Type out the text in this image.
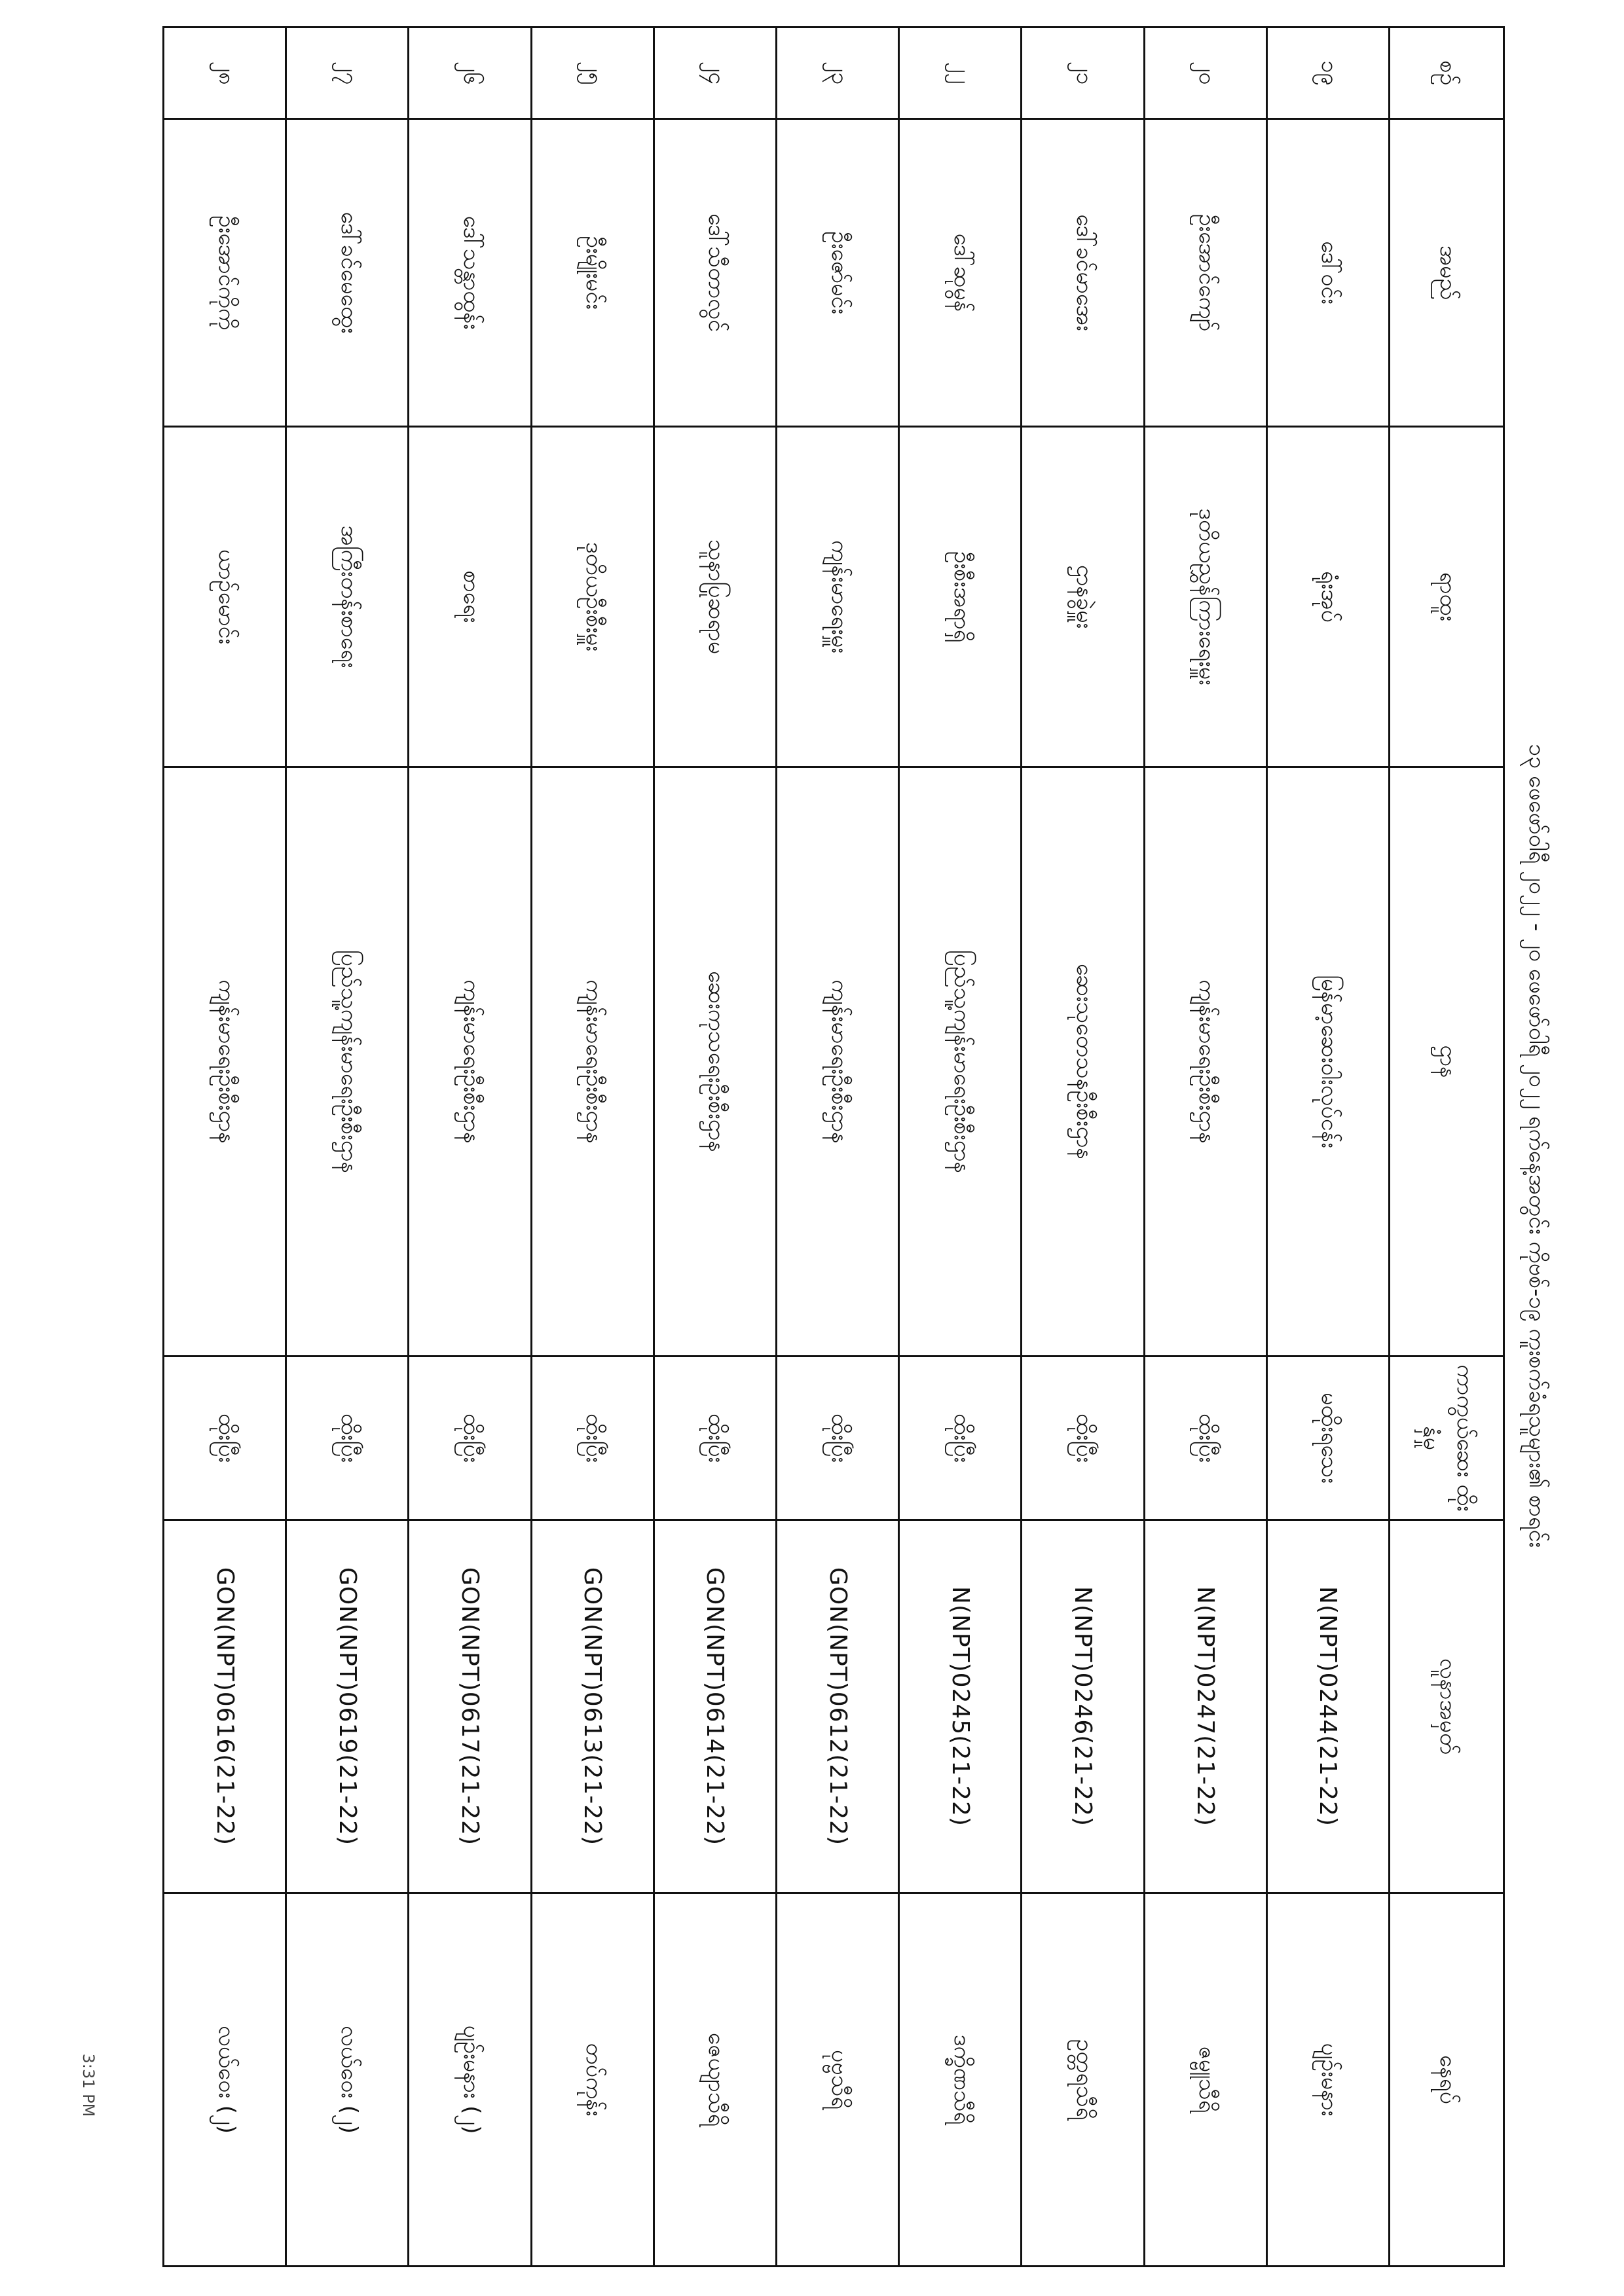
3:31 PM
၁၃ ဖေဖော်ဝါရီ ၂၀၂၂ - ၂၀ ဖေဖော်ဝါရီ ၂၀၂၂ ရက်နေ့အတွင်း ကိုဗစ်-၁၉ ကူးစက်ခံရသူများ၏ စာရင်း
စဉ်	အမည်	ရာထူး	ဌာန	ကာကွယ်ဆေး ထိုးနှံမှု	လူနာအမှတ်	နေရပ်
၁၉	ဒေါ်ဝင်း	ရုံးအုပ်	မြန်မာ့ဆေးဝါးလုပ်ငန်း	မထိုးရသေး	N(NPT)0244(21-22)	ပျဉ်းမနား
၂၀	ဦးအောင်ကျော်	ဒုတိယညွှန်ကြားရေးမှူး	ကျန်းမာရေးဦးစီးဌာန	ထိုးပြီး	N(NPT)0247(21-22)	ဇမ္ဗူသီရိ
၂၁	ဒေါ်ခင်မာအေး	ဌာနခွဲမှူး	ဆေးသုတေသနဦးစီးဌာန	ထိုးပြီး	N(NPT)0246(21-22)	ဥတ္တရသီရိ
၂၂	ဒေါ်ဆုမွန်	ဦးစီးအရာရှိ	ပြည်သူ့ကျန်းမာရေးဦးစီးဌာန	ထိုးပြီး	N(NPT)0245(21-22)	ဒက္ခိဏသီရိ
၂၃	ဦးဇော်မင်း	ကျန်းမာရေးမှူး	ကျန်းမာရေးဦးစီးဌာန	ထိုးပြီး	GON(NPT)0612(21-22)	ပုဗ္ဗသီရိ
၂၄	ဒေါ်သီတာလွင်	သူနာပြုဆရာမ	ဆေးကုသရေးဦးစီးဌာန	ထိုးပြီး	GON(NPT)0614(21-22)	ဇေယျာသီရိ
၂၅	ဦးမျိုးမင်း	ဒုတိယဦးစီးမှူး	ကျန်းမာရေးဦးစီးဌာန	ထိုးပြီး	GON(NPT)0613(21-22)	တပ်ကုန်း
၂၆	ဒေါ်သန္တာထွန်း	စာရေး	ကျန်းမာရေးဦးစီးဌာန	ထိုးပြီး	GON(NPT)0617(21-22)	ပျဉ်းမနား (၂)
၂၇	ဒေါ်ခင်မေထွေး	အကြီးတန်းစာရေး	ပြည်သူ့ကျန်းမာရေးဦးစီးဌာန	ထိုးပြီး	GON(NPT)0619(21-22)	လယ်ဝေး (၂)
၂၈	ဦးအောင်ကိုကို	ယာဉ်မောင်း	ကျန်းမာရေးဦးစီးဌာန	ထိုးပြီး	GON(NPT)0616(21-22)	လယ်ဝေး (၂)
